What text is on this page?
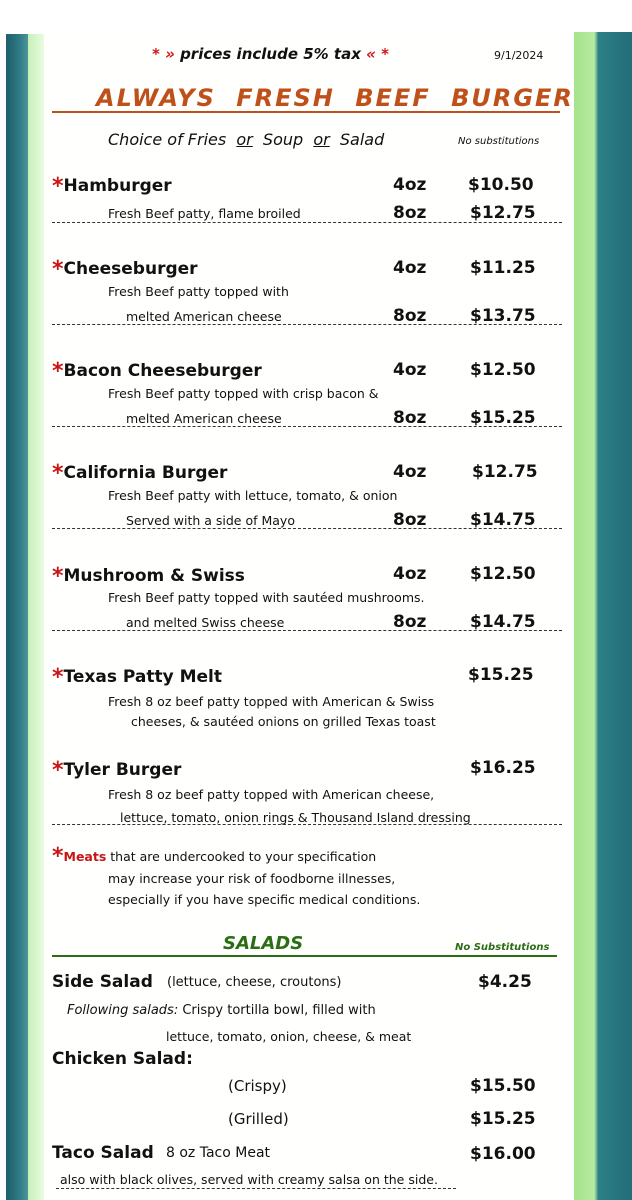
* » prices include 5% tax « *	9/1/2024
ALWAYS FRESH BEEF BURGER
Choice of Fries or Soup or Salad	No substitutions
*Hamburger	4oz $10.50
Fresh Beef patty, flame broiled	8oz	$12.75
*Cheeseburger	4oz	$11.25
Fresh Beef patty topped with
melted American cheese	8oz	$13.75
*Bacon Cheeseburger	4oz	$12.50
Fresh Beef patty topped with crisp bacon &
melted American cheese	8oz	$15.25
*California Burger	4oz	$12.75
Fresh Beef patty with lettuce, tomato, & onion
Served with a side of Mayo	8oz	$14.75
*Mushroom & Swiss	4oz	$12.50
Fresh Beef patty topped with sautéed mushrooms.
and melted Swiss cheese	8oz	$14.75
*Texas Patty Melt	$15.25
Fresh 8 oz beef patty topped with American & Swiss
cheeses, & sautéed onions on grilled Texas toast
*Tyler Burger	$16.25
Fresh 8 oz beef patty topped with American cheese,
lettuce, tomato, onion rings & Thousand Island dressing
*Meats that are undercooked to your specification
may increase your risk of foodborne illnesses,
especially if you have specific medical conditions.
SALADS	No Substitutions
Side Salad (lettuce, cheese, croutons)	$4.25
Following salads: Crispy tortilla bowl, filled with
lettuce, tomato, onion, cheese, & meat
Chicken Salad:
(Crispy)	$15.50
(Grilled)	$15.25
Taco Salad 8 oz Taco Meat	$16.00
also with black olives, served with creamy salsa on the side.
